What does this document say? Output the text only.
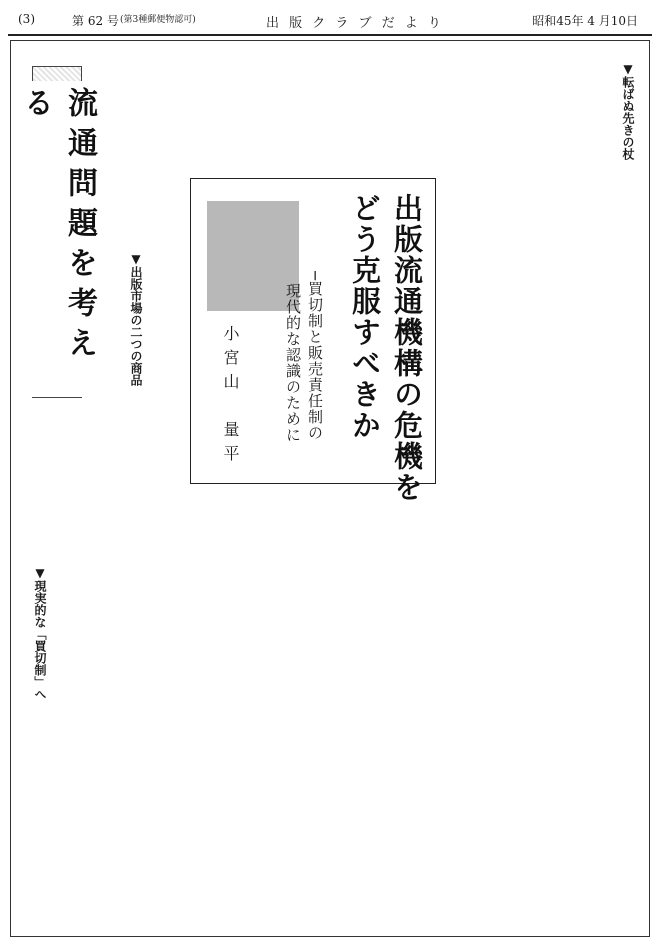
(3)	第 62 号 (第3種郵便物認可)	出 版 ク ラ ブ だ よ り	昭和45年 4 月10日
流通問題を考える	▼転ばぬ先きの杖
▼出版市場の二つの商品
▼現実的な「買切制」へ
出版流通機構の危機を
どう克服すべきか
─買切制と販売責任制の
現代的な認識のために
小宮山　量平
